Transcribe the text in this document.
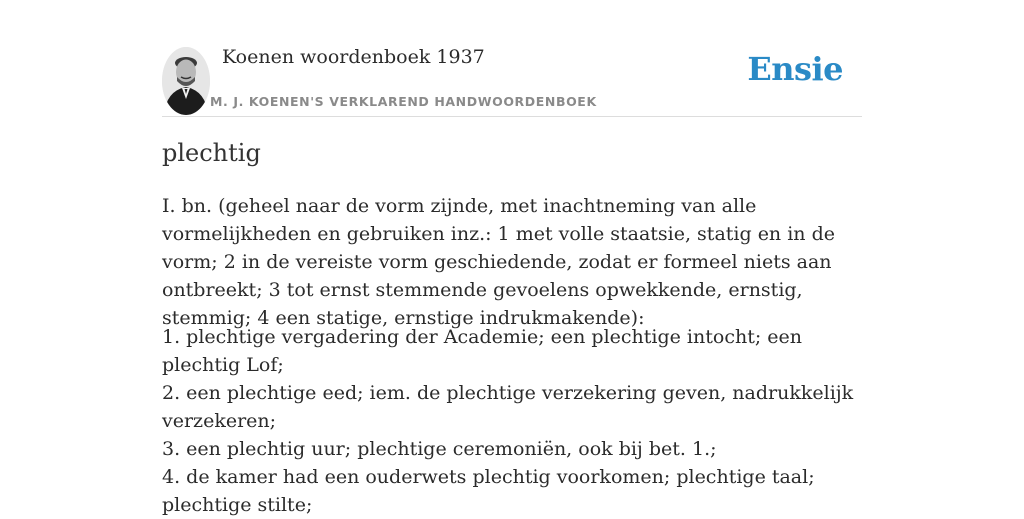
Koenen woordenboek 1937
M. J. KOENEN'S VERKLAREND HANDWOORDENBOEK
Ensie
plechtig

I. bn. (geheel naar de vorm zijnde, met inachtneming van alle vormelijkheden en gebruiken inz.: 1 met volle staatsie, statig en in de vorm; 2 in de vereiste vorm geschiedende, zodat er formeel niets aan ontbreekt; 3 tot ernst stemmende gevoelens opwekkende, ernstig, stemmig; 4 een statige, ernstige indrukmakende):

1. plechtige vergadering der Academie; een plechtige intocht; een plechtig Lof;
2. een plechtige eed; iem. de plechtige verzekering geven, nadrukkelijk verzekeren;
3. een plechtig uur; plechtige ceremoniën, ook bij bet. 1.;
4. de kamer had een ouderwets plechtig voorkomen; plechtige taal; plechtige stilte;
